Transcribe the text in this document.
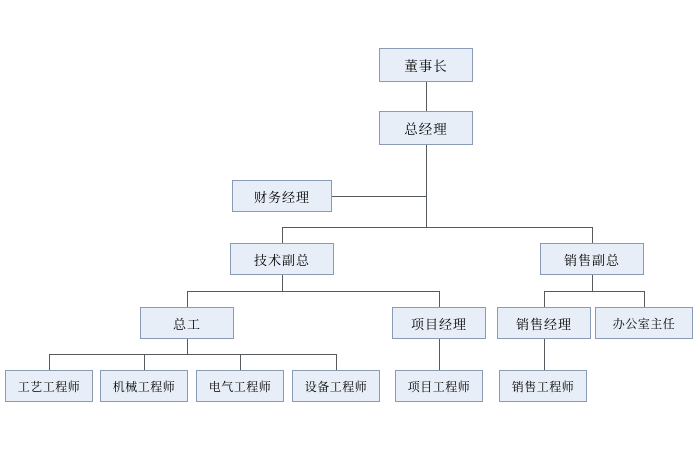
董事长
总经理
财务经理
技术副总	销售副总
总工	项目经理	销售经理	办公室主任
工艺工程师	机械工程师	电气工程师	设备工程师	项目工程师	销售工程师
